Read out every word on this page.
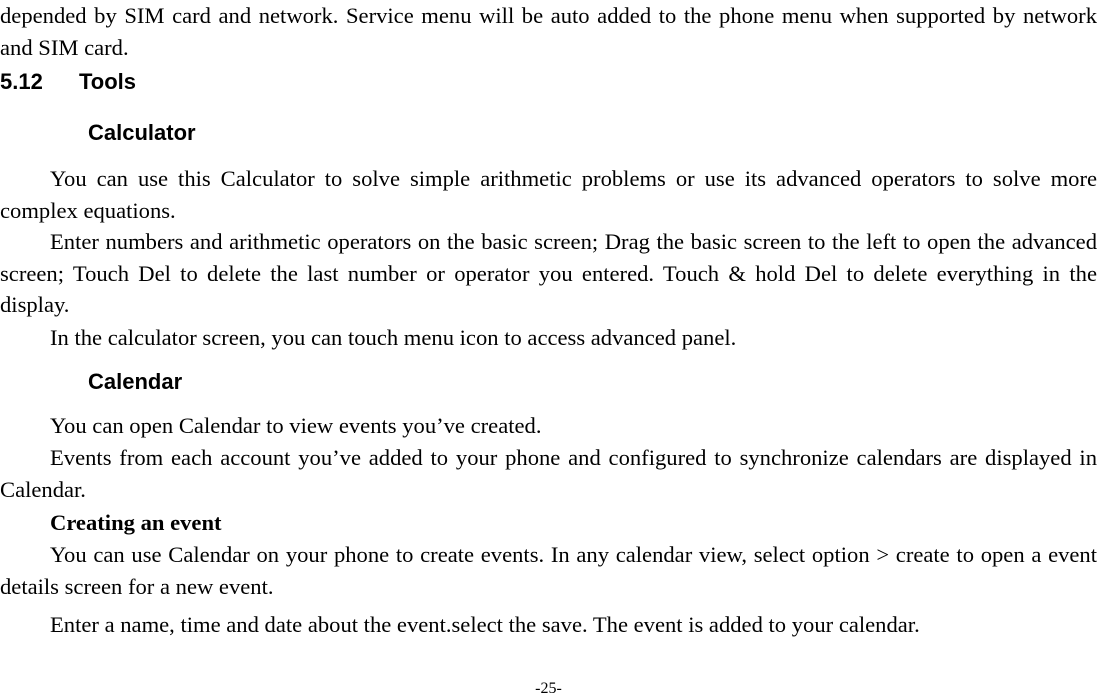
depended by SIM card and network. Service menu will be auto added to the phone menu when supported by network and SIM card.

5.12 Tools
Calculator

You can use this Calculator to solve simple arithmetic problems or use its advanced operators to solve more complex equations.

Enter numbers and arithmetic operators on the basic screen; Drag the basic screen to the left to open the advanced screen; Touch Del to delete the last number or operator you entered. Touch & hold Del to delete everything in the display.

In the calculator screen, you can touch menu icon to access advanced panel.

Calendar

You can open Calendar to view events you’ve created.

Events from each account you’ve added to your phone and configured to synchronize calendars are displayed in Calendar.

Creating an event

You can use Calendar on your phone to create events. In any calendar view, select option > create to open a event details screen for a new event.

Enter a name, time and date about the event.select the save. The event is added to your calendar.

-25-
